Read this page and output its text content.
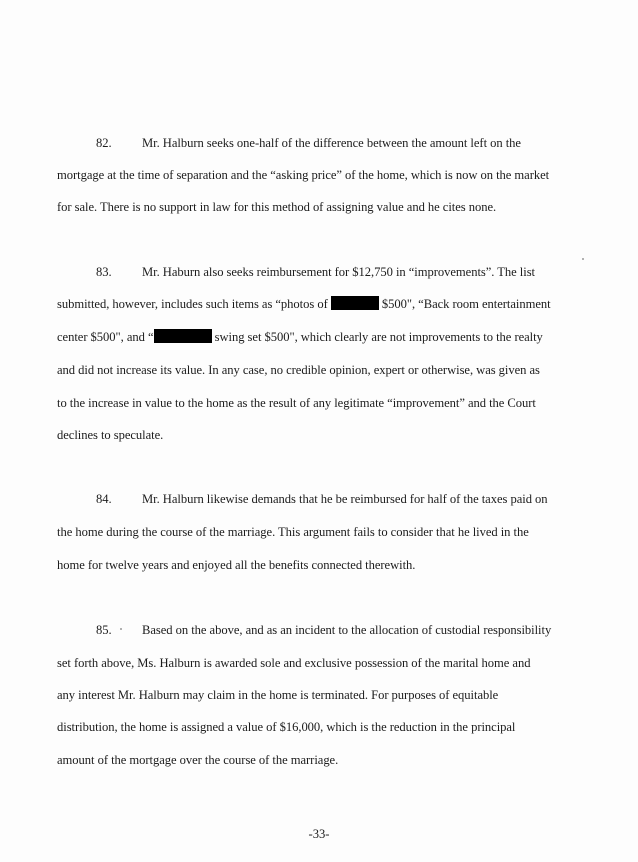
82. Mr. Halburn seeks one-half of the difference between the amount left on the
mortgage at the time of separation and the “asking price” of the home, which is now on the market
for sale. There is no support in law for this method of assigning value and he cites none.
83. Mr. Haburn also seeks reimbursement for $12,750 in “improvements”. The list
submitted, however, includes such items as “photos of	$500", “Back room entertainment
center $500", and “	swing set $500", which clearly are not improvements to the realty
and did not increase its value. In any case, no credible opinion, expert or otherwise, was given as
to the increase in value to the home as the result of any legitimate “improvement” and the Court
declines to speculate.
84. Mr. Halburn likewise demands that he be reimbursed for half of the taxes paid on
the home during the course of the marriage. This argument fails to consider that he lived in the
home for twelve years and enjoyed all the benefits connected therewith.
85. Based on the above, and as an incident to the allocation of custodial responsibility
set forth above, Ms. Halburn is awarded sole and exclusive possession of the marital home and
any interest Mr. Halburn may claim in the home is terminated. For purposes of equitable
distribution, the home is assigned a value of $16,000, which is the reduction in the principal
amount of the mortgage over the course of the marriage.
-33-
